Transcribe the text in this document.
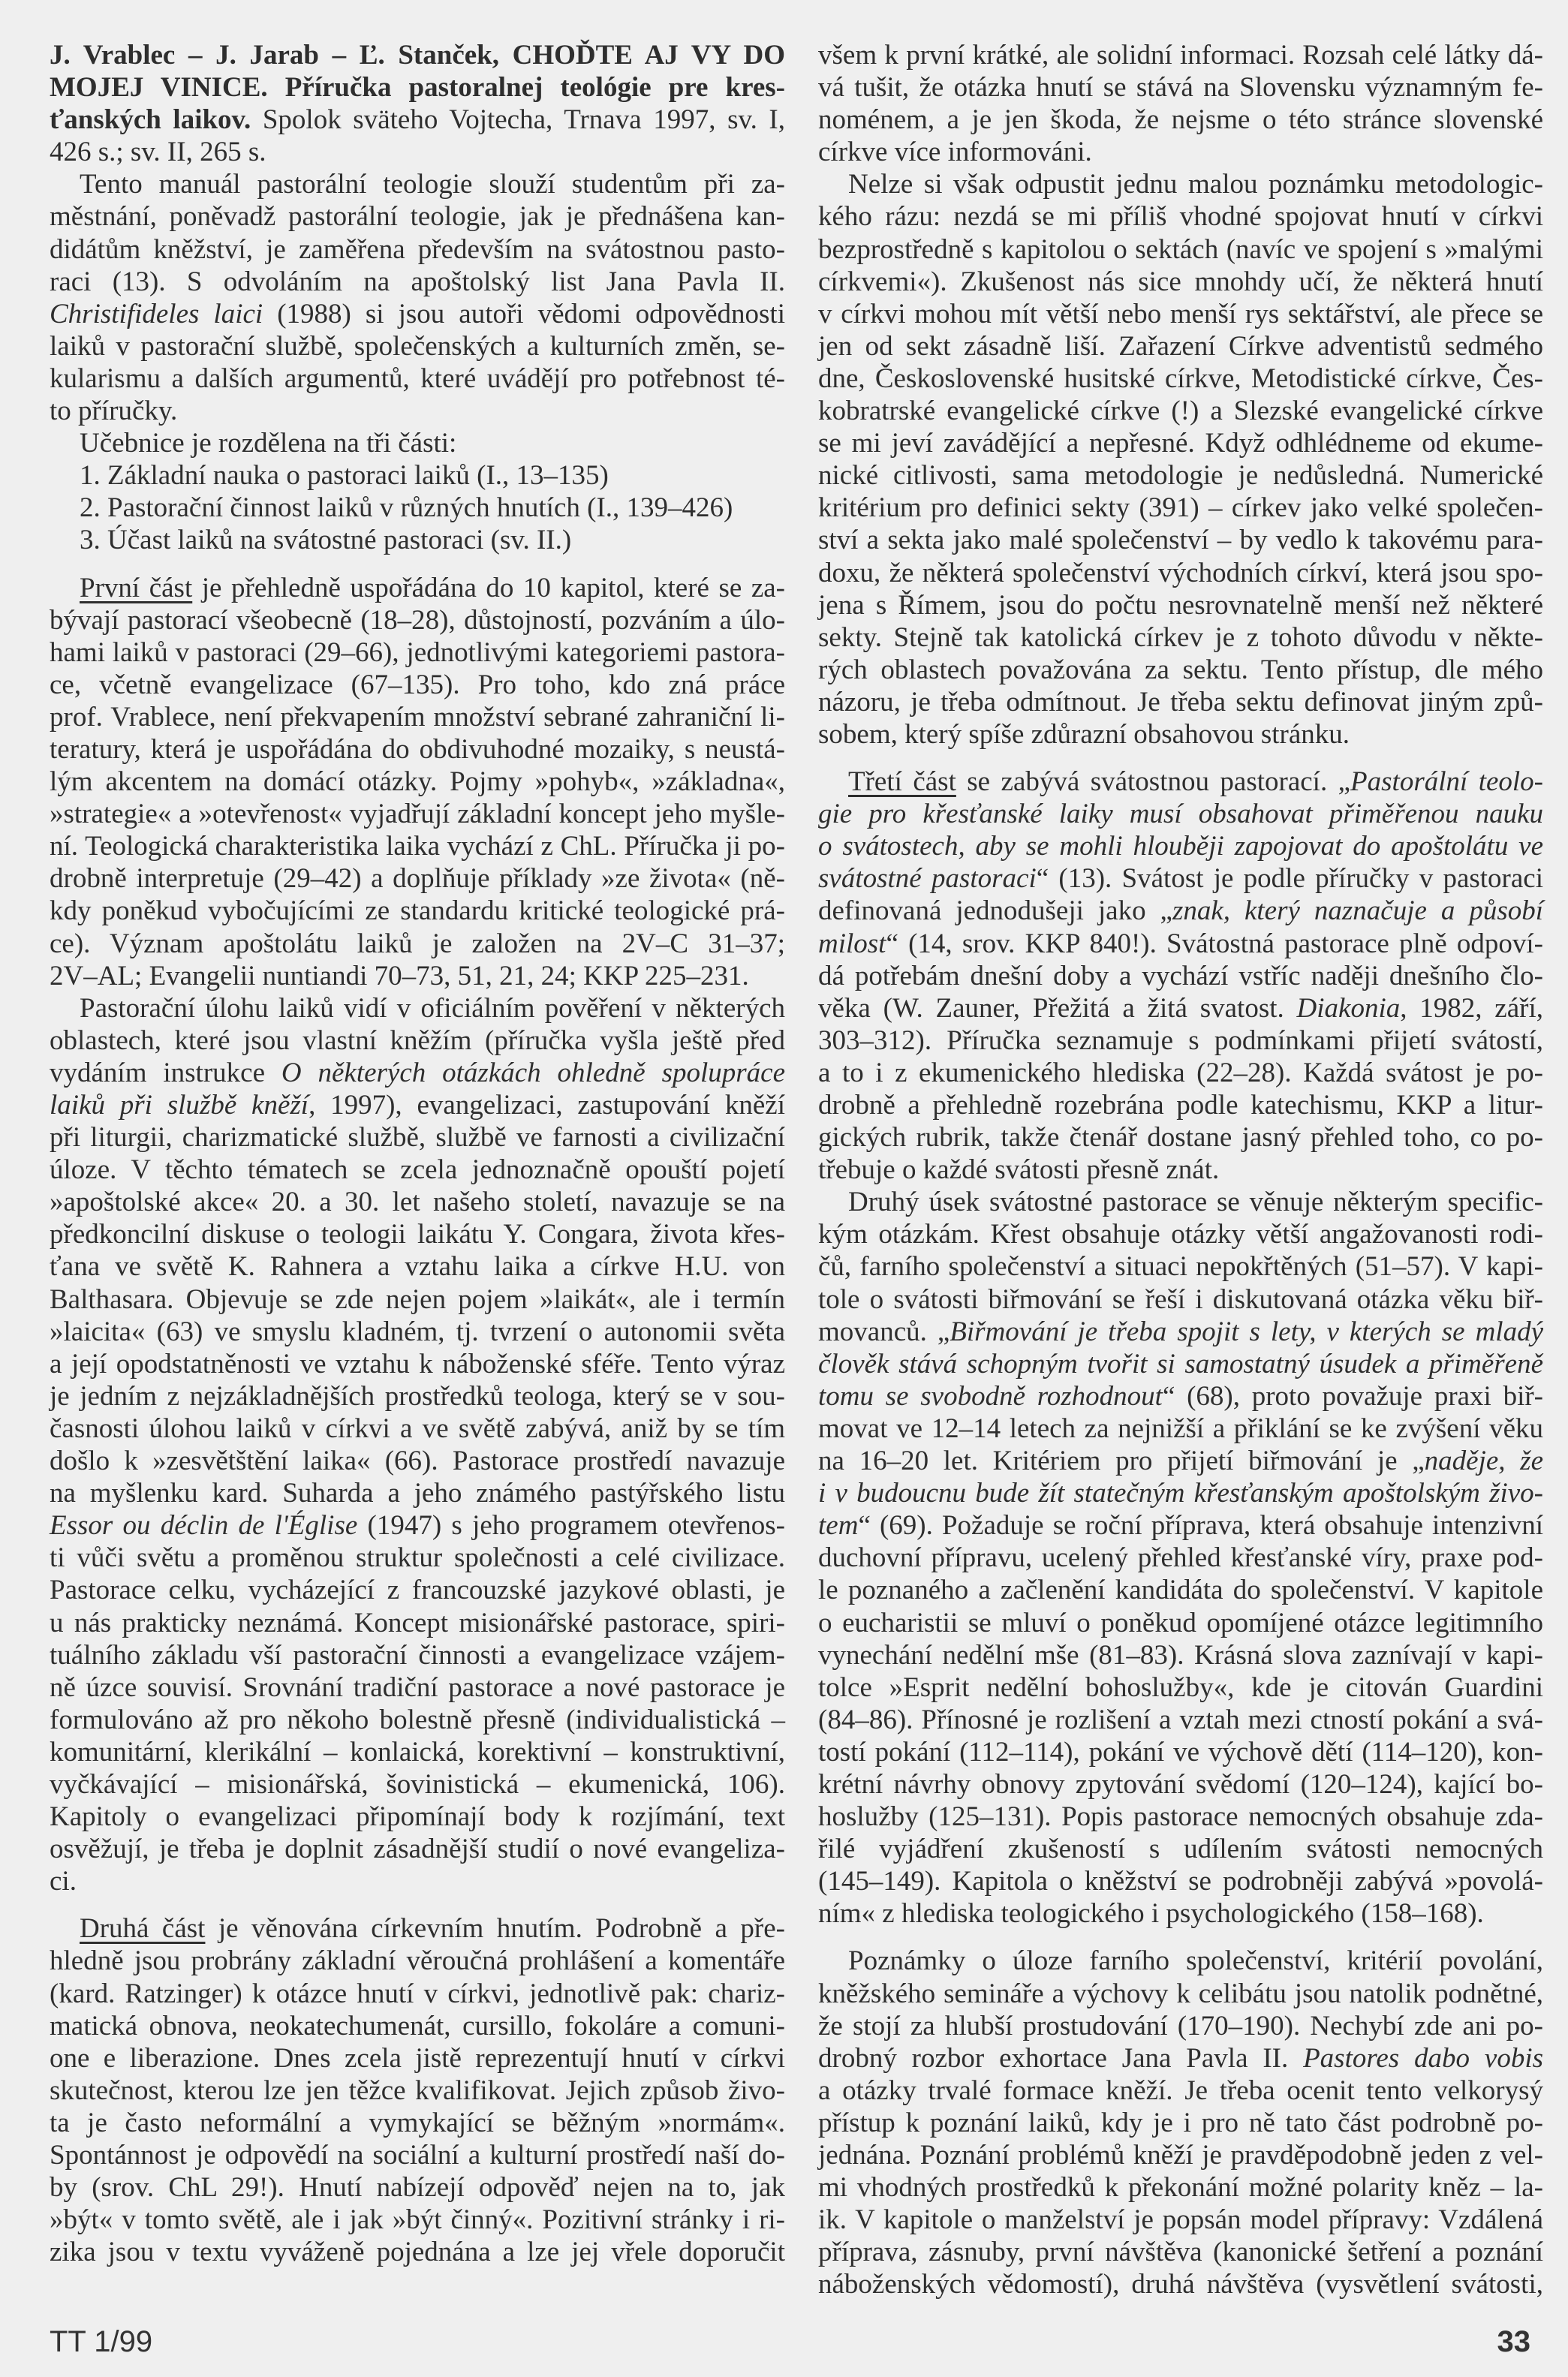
J. Vrablec – J. Jarab – Ľ. Stanček, CHOĎTE AJ VY DO
MOJEJ VINICE. Příručka pastoralnej teológie pre kres-
ťanských laikov. Spolok sväteho Vojtecha, Trnava 1997, sv. I,
426 s.; sv. II, 265 s.
Tento manuál pastorální teologie slouží studentům při za-
městnání, poněvadž pastorální teologie, jak je přednášena kan-
didátům kněžství, je zaměřena především na svátostnou pasto-
raci (13). S odvoláním na apoštolský list Jana Pavla II.
Christifideles laici (1988) si jsou autoři vědomi odpovědnosti
laiků v pastorační službě, společenských a kulturních změn, se-
kularismu a dalších argumentů, které uvádějí pro potřebnost té-
to příručky.
Učebnice je rozdělena na tři části:
1. Základní nauka o pastoraci laiků (I., 13–135)
2. Pastorační činnost laiků v různých hnutích (I., 139–426)
3. Účast laiků na svátostné pastoraci (sv. II.)
První část je přehledně uspořádána do 10 kapitol, které se za-
bývají pastorací všeobecně (18–28), důstojností, pozváním a úlo-
hami laiků v pastoraci (29–66), jednotlivými kategoriemi pastora-
ce, včetně evangelizace (67–135). Pro toho, kdo zná práce
prof. Vrablece, není překvapením množství sebrané zahraniční li-
teratury, která je uspořádána do obdivuhodné mozaiky, s neustá-
lým akcentem na domácí otázky. Pojmy »pohyb«, »základna«,
»strategie« a »otevřenost« vyjadřují základní koncept jeho myšle-
ní. Teologická charakteristika laika vychází z ChL. Příručka ji po-
drobně interpretuje (29–42) a doplňuje příklady »ze života« (ně-
kdy poněkud vybočujícími ze standardu kritické teologické prá-
ce). Význam apoštolátu laiků je založen na 2V–C 31–37;
2V–AL; Evangelii nuntiandi 70–73, 51, 21, 24; KKP 225–231.
Pastorační úlohu laiků vidí v oficiálním pověření v některých
oblastech, které jsou vlastní kněžím (příručka vyšla ještě před
vydáním instrukce O některých otázkách ohledně spolupráce
laiků při službě kněží, 1997), evangelizaci, zastupování kněží
při liturgii, charizmatické službě, službě ve farnosti a civilizační
úloze. V těchto tématech se zcela jednoznačně opouští pojetí
»apoštolské akce« 20. a 30. let našeho století, navazuje se na
předkoncilní diskuse o teologii laikátu Y. Congara, života křes-
ťana ve světě K. Rahnera a vztahu laika a církve H.U. von
Balthasara. Objevuje se zde nejen pojem »laikát«, ale i termín
»laicita« (63) ve smyslu kladném, tj. tvrzení o autonomii světa
a její opodstatněnosti ve vztahu k náboženské sféře. Tento výraz
je jedním z nejzákladnějších prostředků teologa, který se v sou-
časnosti úlohou laiků v církvi a ve světě zabývá, aniž by se tím
došlo k »zesvětštění laika« (66). Pastorace prostředí navazuje
na myšlenku kard. Suharda a jeho známého pastýřského listu
Essor ou déclin de l'Église (1947) s jeho programem otevřenos-
ti vůči světu a proměnou struktur společnosti a celé civilizace.
Pastorace celku, vycházející z francouzské jazykové oblasti, je
u nás prakticky neznámá. Koncept misionářské pastorace, spiri-
tuálního základu vší pastorační činnosti a evangelizace vzájem-
ně úzce souvisí. Srovnání tradiční pastorace a nové pastorace je
formulováno až pro někoho bolestně přesně (individualistická –
komunitární, klerikální – konlaická, korektivní – konstruktivní,
vyčkávající – misionářská, šovinistická – ekumenická, 106).
Kapitoly o evangelizaci připomínají body k rozjímání, text
osvěžují, je třeba je doplnit zásadnější studií o nové evangeliza-
ci.
Druhá část je věnována církevním hnutím. Podrobně a pře-
hledně jsou probrány základní věroučná prohlášení a komentáře
(kard. Ratzinger) k otázce hnutí v církvi, jednotlivě pak: chariz-
matická obnova, neokatechumenát, cursillo, fokoláre a comuni-
one e liberazione. Dnes zcela jistě reprezentují hnutí v církvi
skutečnost, kterou lze jen těžce kvalifikovat. Jejich způsob živo-
ta je často neformální a vymykající se běžným »normám«.
Spontánnost je odpovědí na sociální a kulturní prostředí naší do-
by (srov. ChL 29!). Hnutí nabízejí odpověď nejen na to, jak
»být« v tomto světě, ale i jak »být činný«. Pozitivní stránky i ri-
zika jsou v textu vyváženě pojednána a lze jej vřele doporučit
všem k první krátké, ale solidní informaci. Rozsah celé látky dá-
vá tušit, že otázka hnutí se stává na Slovensku významným fe-
noménem, a je jen škoda, že nejsme o této stránce slovenské
církve více informováni.
Nelze si však odpustit jednu malou poznámku metodologic-
kého rázu: nezdá se mi příliš vhodné spojovat hnutí v církvi
bezprostředně s kapitolou o sektách (navíc ve spojení s »malými
církvemi«). Zkušenost nás sice mnohdy učí, že některá hnutí
v církvi mohou mít větší nebo menší rys sektářství, ale přece se
jen od sekt zásadně liší. Zařazení Církve adventistů sedmého
dne, Československé husitské církve, Metodistické církve, Čes-
kobratrské evangelické církve (!) a Slezské evangelické církve
se mi jeví zavádějící a nepřesné. Když odhlédneme od ekume-
nické citlivosti, sama metodologie je nedůsledná. Numerické
kritérium pro definici sekty (391) – církev jako velké společen-
ství a sekta jako malé společenství – by vedlo k takovému para-
doxu, že některá společenství východních církví, která jsou spo-
jena s Římem, jsou do počtu nesrovnatelně menší než některé
sekty. Stejně tak katolická církev je z tohoto důvodu v někte-
rých oblastech považována za sektu. Tento přístup, dle mého
názoru, je třeba odmítnout. Je třeba sektu definovat jiným způ-
sobem, který spíše zdůrazní obsahovou stránku.
Třetí část se zabývá svátostnou pastorací. „Pastorální teolo-
gie pro křesťanské laiky musí obsahovat přiměřenou nauku
o svátostech, aby se mohli hlouběji zapojovat do apoštolátu ve
svátostné pastoraci“ (13). Svátost je podle příručky v pastoraci
definovaná jednodušeji jako „znak, který naznačuje a působí
milost“ (14, srov. KKP 840!). Svátostná pastorace plně odpoví-
dá potřebám dnešní doby a vychází vstříc naději dnešního člo-
věka (W. Zauner, Přežitá a žitá svatost. Diakonia, 1982, září,
303–312). Příručka seznamuje s podmínkami přijetí svátostí,
a to i z ekumenického hlediska (22–28). Každá svátost je po-
drobně a přehledně rozebrána podle katechismu, KKP a litur-
gických rubrik, takže čtenář dostane jasný přehled toho, co po-
třebuje o každé svátosti přesně znát.
Druhý úsek svátostné pastorace se věnuje některým specific-
kým otázkám. Křest obsahuje otázky větší angažovanosti rodi-
čů, farního společenství a situaci nepokřtěných (51–57). V kapi-
tole o svátosti biřmování se řeší i diskutovaná otázka věku biř-
movanců. „Biřmování je třeba spojit s lety, v kterých se mladý
člověk stává schopným tvořit si samostatný úsudek a přiměřeně
tomu se svobodně rozhodnout“ (68), proto považuje praxi biř-
movat ve 12–14 letech za nejnižší a přiklání se ke zvýšení věku
na 16–20 let. Kritériem pro přijetí biřmování je „naděje, že
i v budoucnu bude žít statečným křesťanským apoštolským živo-
tem“ (69). Požaduje se roční příprava, která obsahuje intenzivní
duchovní přípravu, ucelený přehled křesťanské víry, praxe pod-
le poznaného a začlenění kandidáta do společenství. V kapitole
o eucharistii se mluví o poněkud opomíjené otázce legitimního
vynechání nedělní mše (81–83). Krásná slova zaznívají v kapi-
tolce »Esprit nedělní bohoslužby«, kde je citován Guardini
(84–86). Přínosné je rozlišení a vztah mezi ctností pokání a svá-
tostí pokání (112–114), pokání ve výchově dětí (114–120), kon-
krétní návrhy obnovy zpytování svědomí (120–124), kající bo-
hoslužby (125–131). Popis pastorace nemocných obsahuje zda-
řilé vyjádření zkušeností s udílením svátosti nemocných
(145–149). Kapitola o kněžství se podrobněji zabývá »povolá-
ním« z hlediska teologického i psychologického (158–168).
Poznámky o úloze farního společenství, kritérií povolání,
kněžského semináře a výchovy k celibátu jsou natolik podnětné,
že stojí za hlubší prostudování (170–190). Nechybí zde ani po-
drobný rozbor exhortace Jana Pavla II. Pastores dabo vobis
a otázky trvalé formace kněží. Je třeba ocenit tento velkorysý
přístup k poznání laiků, kdy je i pro ně tato část podrobně po-
jednána. Poznání problémů kněží je pravděpodobně jeden z vel-
mi vhodných prostředků k překonání možné polarity kněz – la-
ik. V kapitole o manželství je popsán model přípravy: Vzdálená
příprava, zásnuby, první návštěva (kanonické šetření a poznání
náboženských vědomostí), druhá návštěva (vysvětlení svátosti,
TT 1/99	33
